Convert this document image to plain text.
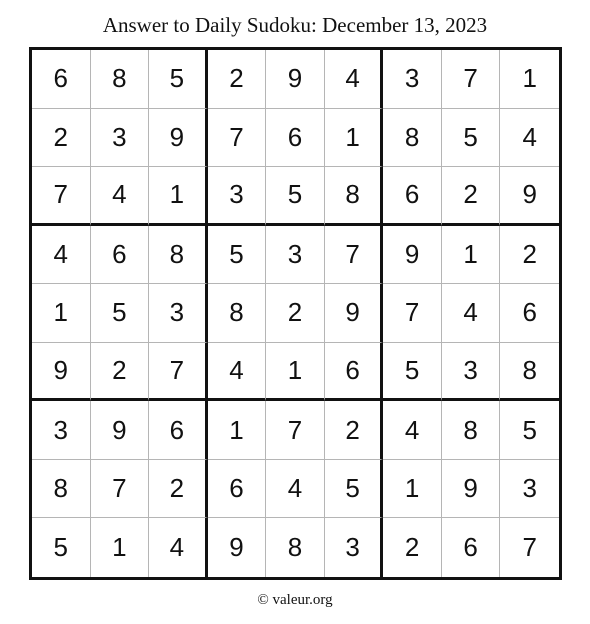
Answer to Daily Sudoku: December 13, 2023
6	8	5	2	9	4	3	7	1
2	3	9	7	6	1	8	5	4
7	4	1	3	5	8	6	2	9
4	6	8	5	3	7	9	1	2
1	5	3	8	2	9	7	4	6
9	2	7	4	1	6	5	3	8
3	9	6	1	7	2	4	8	5
8	7	2	6	4	5	1	9	3
5	1	4	9	8	3	2	6	7
© valeur.org
